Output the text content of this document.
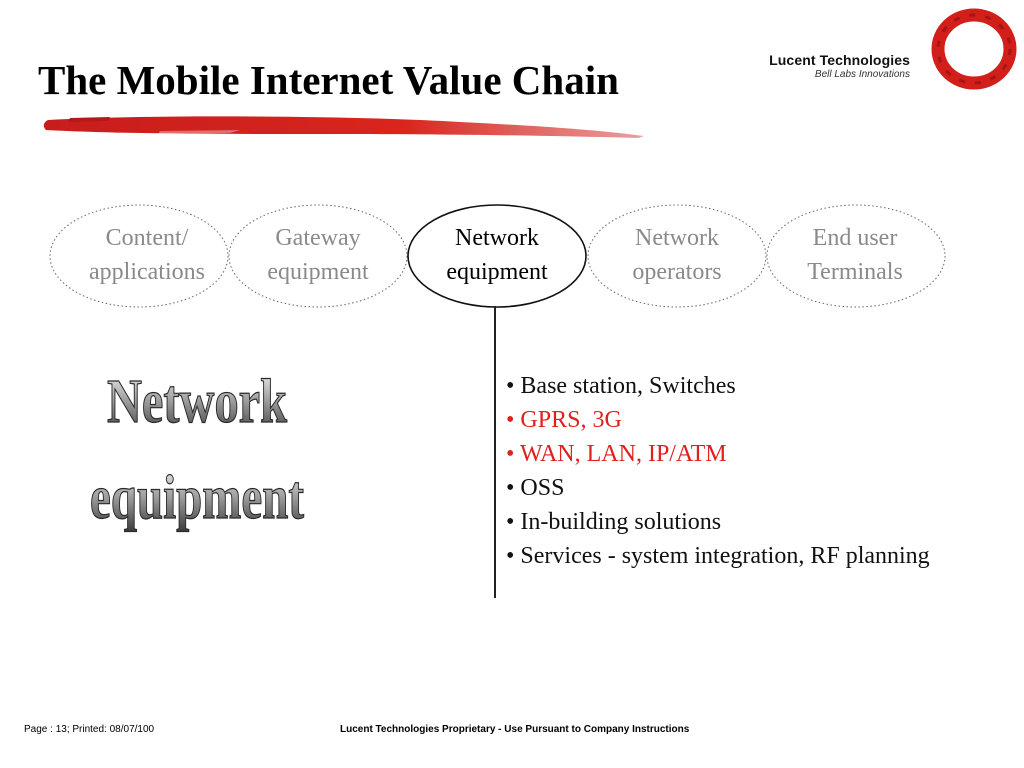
The Mobile Internet Value Chain	Lucent Technologies
Bell Labs Innovations
Content/
applications
Gateway
equipment
Network
equipment
Network
operators
End user
Terminals
Network
equipment
• Base station, Switches
• GPRS, 3G
• WAN, LAN, IP/ATM
• OSS
• In-building solutions
• Services - system integration, RF planning
Page : 13; Printed: 08/07/100	Lucent Technologies Proprietary - Use Pursuant to Company Instructions
